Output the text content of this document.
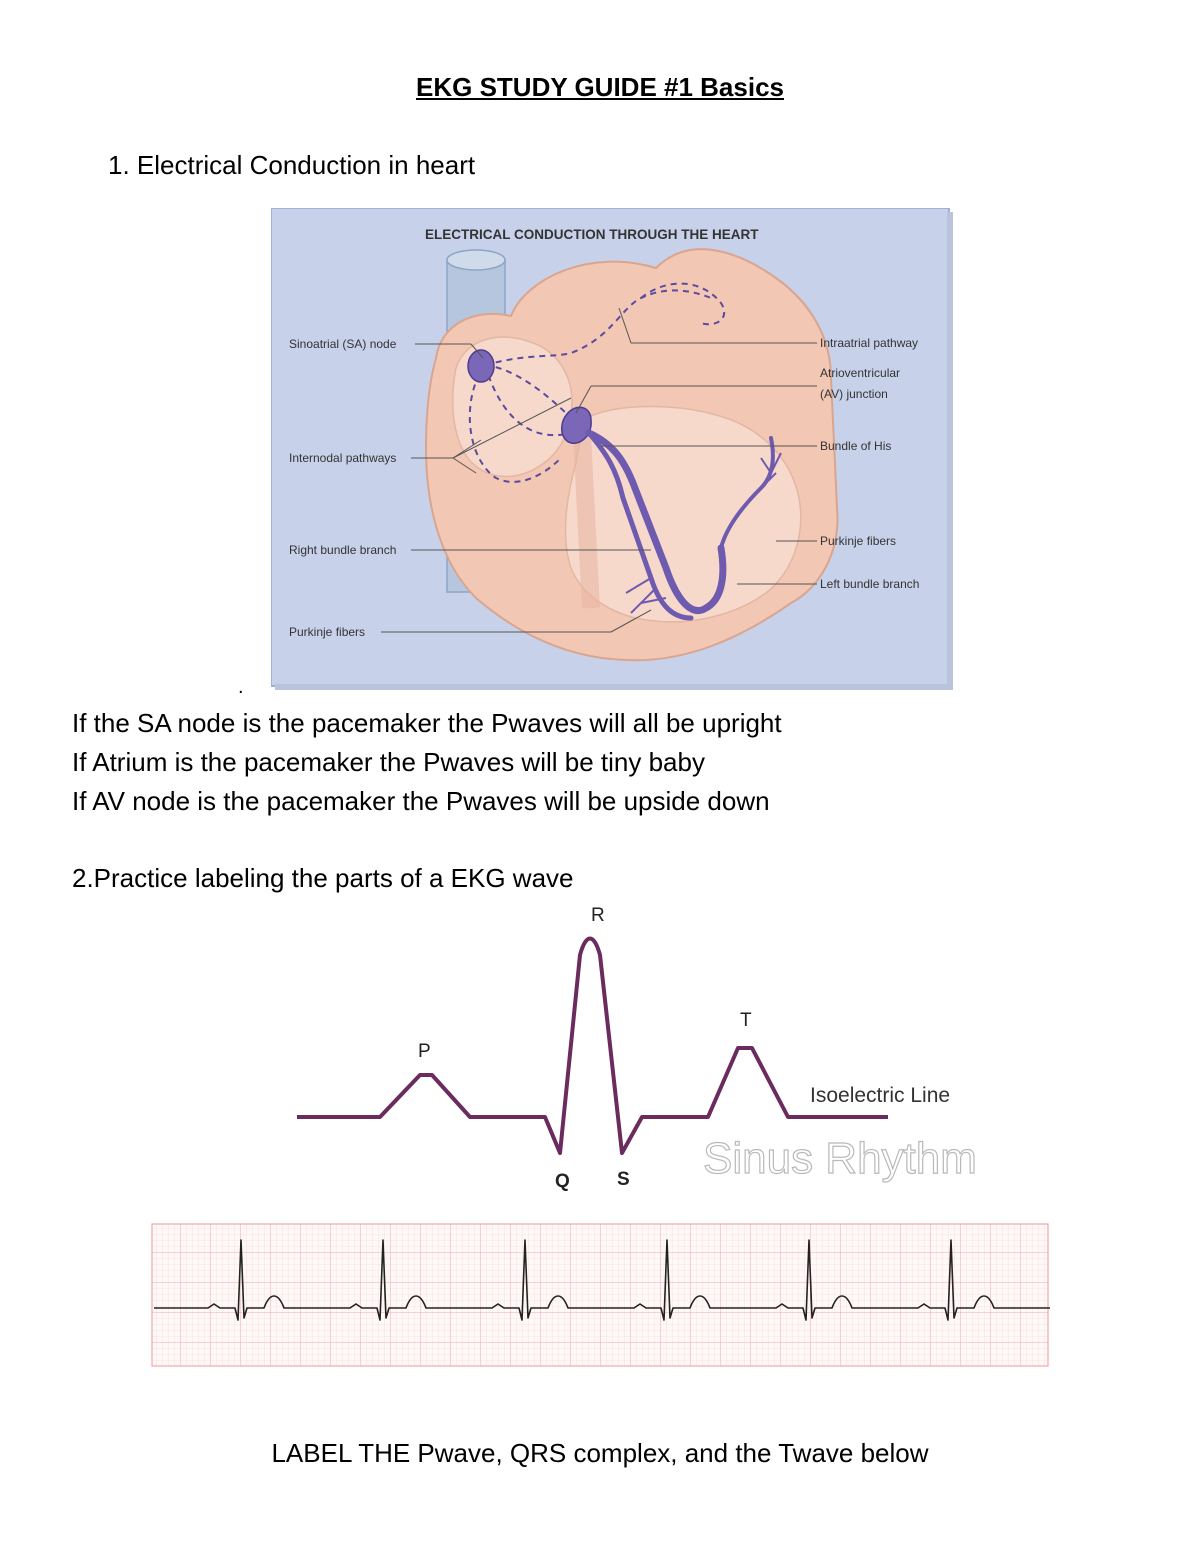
EKG STUDY GUIDE #1 Basics
1. Electrical Conduction in heart
ELECTRICAL CONDUCTION THROUGH THE HEART
Sinoatrial (SA) node
Internodal pathways
Right bundle branch
Purkinje fibers
Intraatrial pathway
Atrioventricular
(AV) junction
Bundle of His
Purkinje fibers
Left bundle branch
.
If the SA node is the pacemaker the Pwaves will all be upright
If Atrium is the pacemaker the Pwaves will be tiny baby
If AV node is the pacemaker the Pwaves will be upside down
2.Practice labeling the parts of a EKG wave
P
R
T
Q S
Isoelectric Line
Sinus Rhythm
LABEL THE Pwave, QRS complex, and the Twave below
